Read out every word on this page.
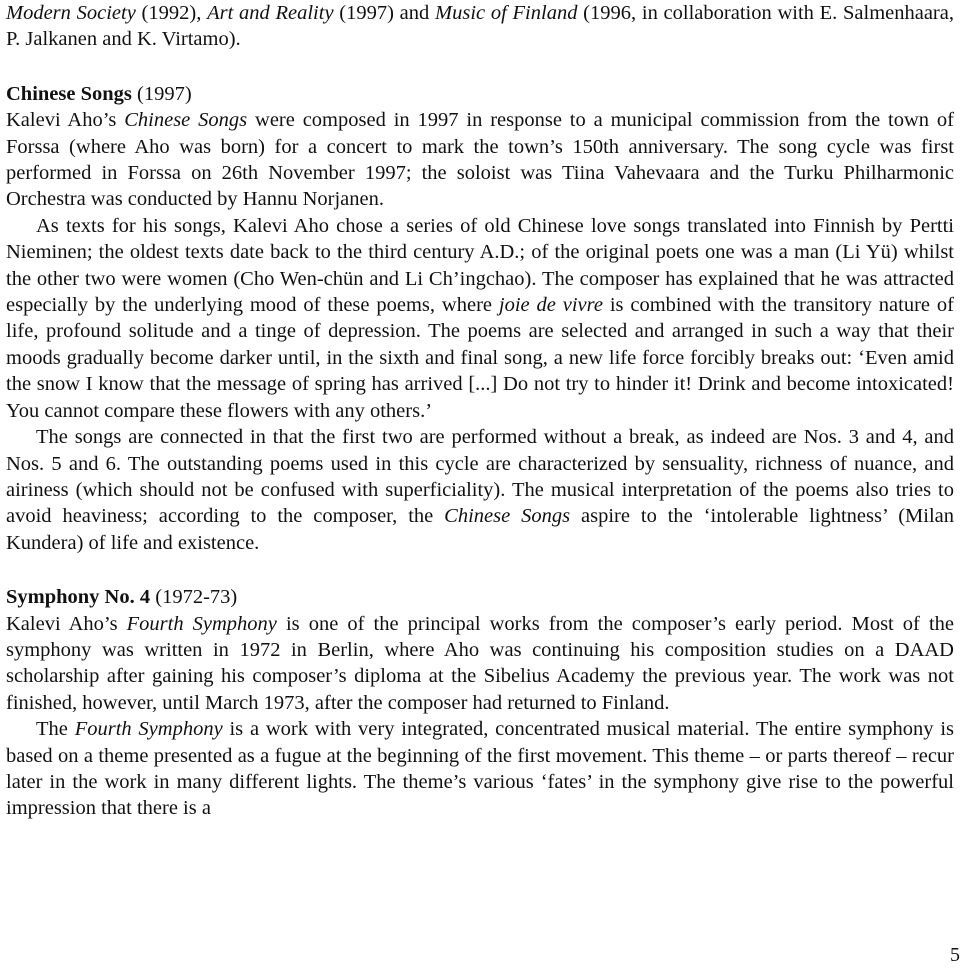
Modern Society (1992), Art and Reality (1997) and Music of Finland (1996, in collaboration with E. Salmenhaara, P. Jalkanen and K. Virtamo).

Chinese Songs (1997)

Kalevi Aho’s Chinese Songs were composed in 1997 in response to a municipal commission from the town of Forssa (where Aho was born) for a concert to mark the town’s 150th anniversary. The song cycle was first performed in Forssa on 26th November 1997; the soloist was Tiina Vahevaara and the Turku Philharmonic Orchestra was conducted by Hannu Norjanen.

As texts for his songs, Kalevi Aho chose a series of old Chinese love songs translated into Finnish by Pertti Nieminen; the oldest texts date back to the third century A.D.; of the original poets one was a man (Li Yü) whilst the other two were women (Cho Wen-chün and Li Ch’ingchao). The composer has explained that he was attracted especially by the underlying mood of these poems, where joie de vivre is combined with the transitory nature of life, profound solitude and a tinge of depression. The poems are selected and arranged in such a way that their moods gradually become darker until, in the sixth and final song, a new life force forcibly breaks out: ‘Even amid the snow I know that the message of spring has arrived [...] Do not try to hinder it! Drink and become intoxicated! You cannot compare these flowers with any others.’

The songs are connected in that the first two are performed without a break, as indeed are Nos. 3 and 4, and Nos. 5 and 6. The outstanding poems used in this cycle are characterized by sensuality, richness of nuance, and airiness (which should not be confused with superficiality). The musical interpretation of the poems also tries to avoid heaviness; according to the composer, the Chinese Songs aspire to the ‘intolerable lightness’ (Milan Kundera) of life and existence.

Symphony No. 4 (1972-73)

Kalevi Aho’s Fourth Symphony is one of the principal works from the composer’s early period. Most of the symphony was written in 1972 in Berlin, where Aho was continuing his composition studies on a DAAD scholarship after gaining his composer’s diploma at the Sibelius Academy the previous year. The work was not finished, however, until March 1973, after the composer had returned to Finland.

The Fourth Symphony is a work with very integrated, concentrated musical material. The entire symphony is based on a theme presented as a fugue at the beginning of the first movement. This theme – or parts thereof – recur later in the work in many different lights. The theme’s various ‘fates’ in the symphony give rise to the powerful impression that there is a

5
